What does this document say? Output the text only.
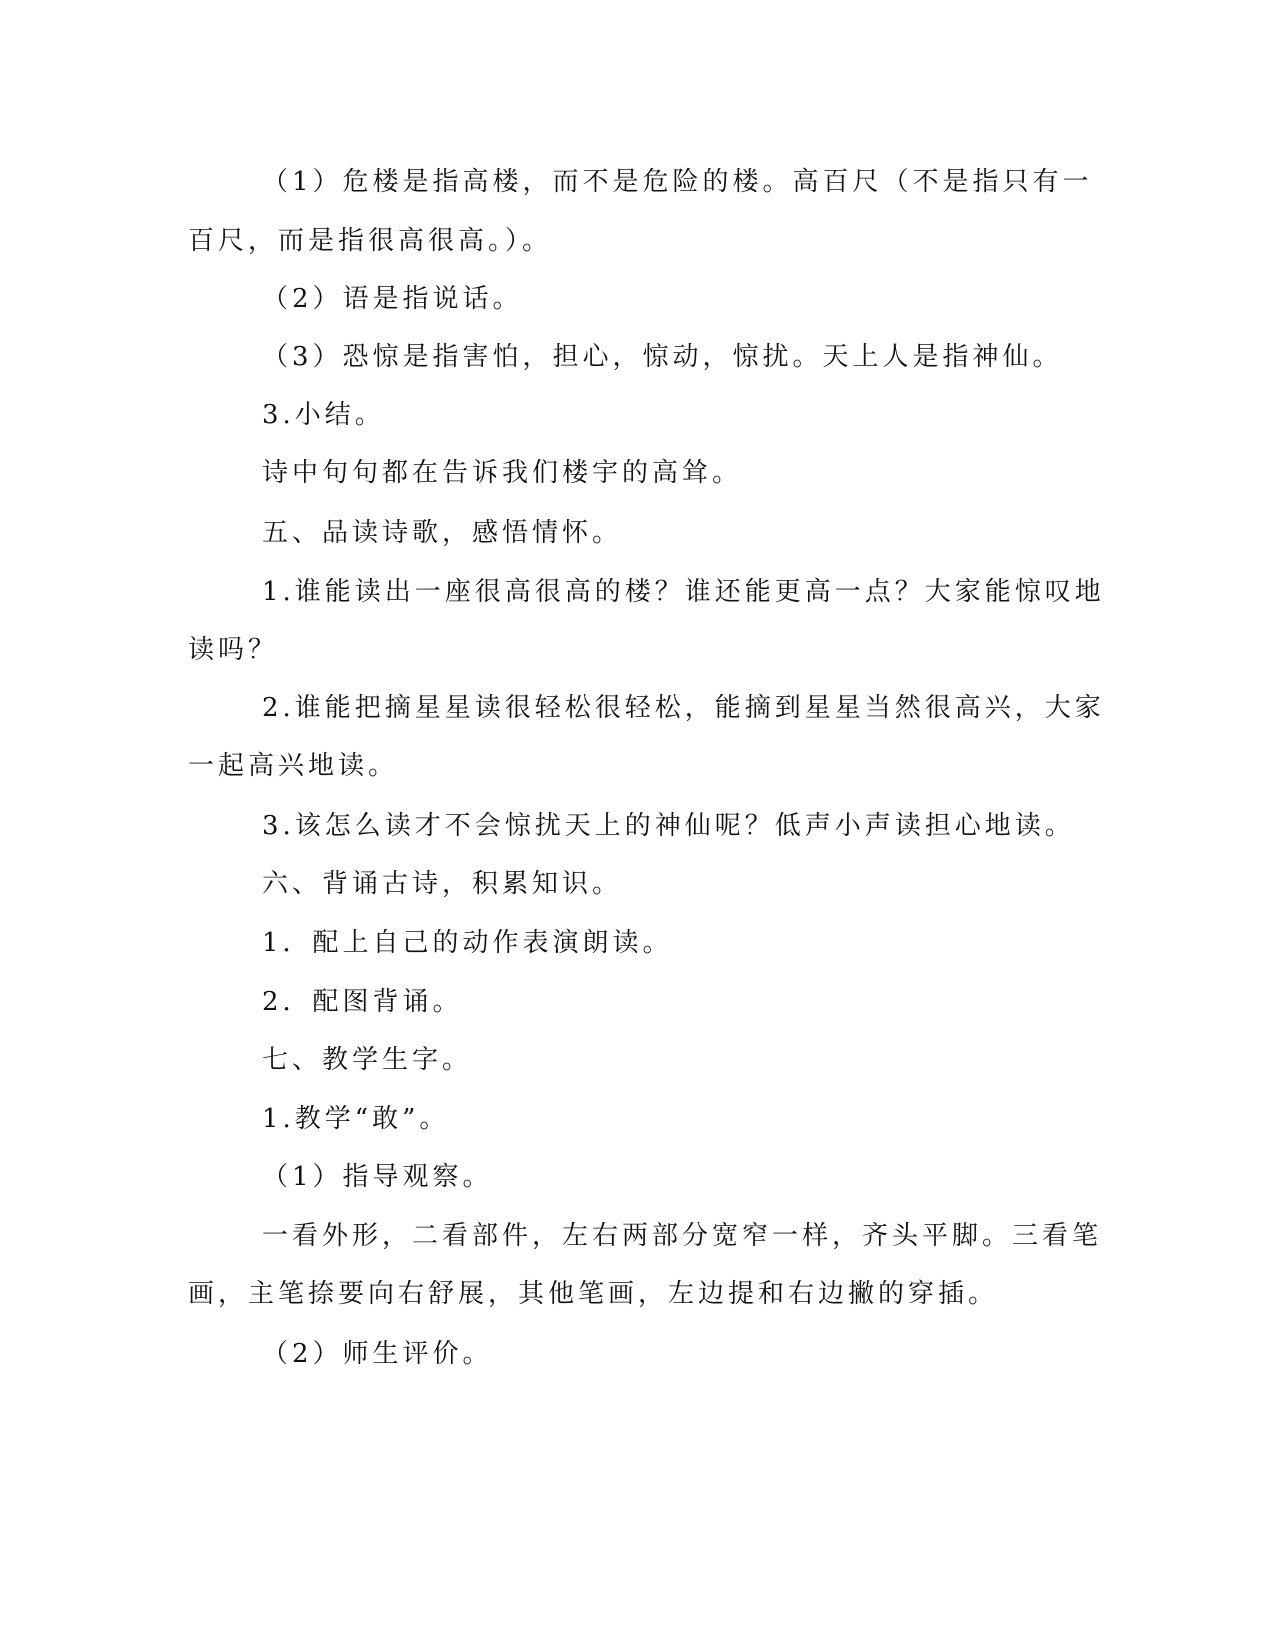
（1）危楼是指高楼，而不是危险的楼。高百尺（不是指只有一
百尺，而是指很高很高。）。
（2）语是指说话。
（3）恐惊是指害怕，担心，惊动，惊扰。天上人是指神仙。
3.小结。
诗中句句都在告诉我们楼宇的高耸。
五、品读诗歌，感悟情怀。
1.谁能读出一座很高很高的楼？谁还能更高一点？大家能惊叹地
读吗？
2.谁能把摘星星读很轻松很轻松，能摘到星星当然很高兴，大家
一起高兴地读。
3.该怎么读才不会惊扰天上的神仙呢？低声小声读担心地读。
六、背诵古诗，积累知识。
1．配上自己的动作表演朗读。
2．配图背诵。
七、教学生字。
1.教学“敢”。
（1）指导观察。
一看外形，二看部件，左右两部分宽窄一样，齐头平脚。三看笔
画，主笔捺要向右舒展，其他笔画，左边提和右边撇的穿插。
（2）师生评价。
